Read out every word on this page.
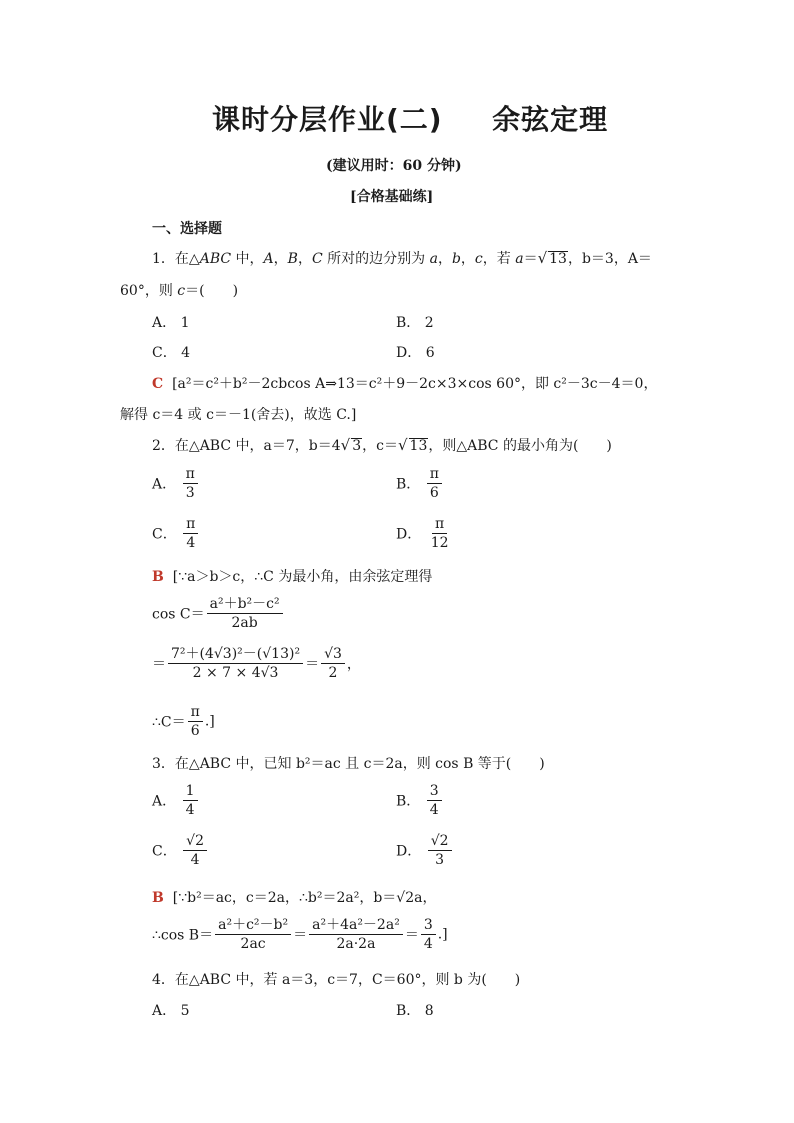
课时分层作业(二) 余弦定理
(建议用时：60 分钟)
[合格基础练]
一、选择题
1．在△ABC 中，A，B，C 所对的边分别为 a，b，c，若 a＝√ 13，b＝3，A＝
60°，则 c＝(　　)
A． 1	B． 2
C． 4	D． 6
C [a²＝c²＋b²－2cbcos A⇒13＝c²＋9－2c×3×cos 60°，即 c²－3c－4＝0，
解得 c＝4 或 c＝－1(舍去)，故选 C.]
2．在△ABC 中，a＝7，b＝4√ 3，c＝√ 13，则△ABC 的最小角为(　　)
A． $\frac{\pi}{3}$	B． $\frac{\pi}{6}$
C． $\frac{\pi}{4}$	D． $\frac{\pi}{12}$
B [∵a＞b＞c，∴C 为最小角，由余弦定理得
$\cos C= \frac{\text{a²＋b²－c²}}{2ab}$
＝ $\frac{\text{7²＋(4√3)²－(√13)²}}{2 \times 7 \times 4√3} = \frac{√3}{2}$ ，
∴C＝ $\frac{\pi}{6}$ .]
3．在△ABC 中，已知 b²＝ac 且 c＝2a，则 cos B 等于(　　)
A． $\frac{1}{4}$	B． $\frac{3}{4}$
C． $\frac{√2}{4}$	D． $\frac{√2}{3}$
B [∵b²＝ac，c＝2a，∴b²＝2a²，b＝√2a，
∴cos $B= \frac{\text{a²＋c²－b²}}{2ac} = \frac{\text{a²＋4a²－2a²}}{2a\cdot 2a} = \frac{3}{4}$ .]
4．在△ABC 中，若 a＝3，c＝7，C＝60°，则 b 为(　　)
A． 5	B． 8
